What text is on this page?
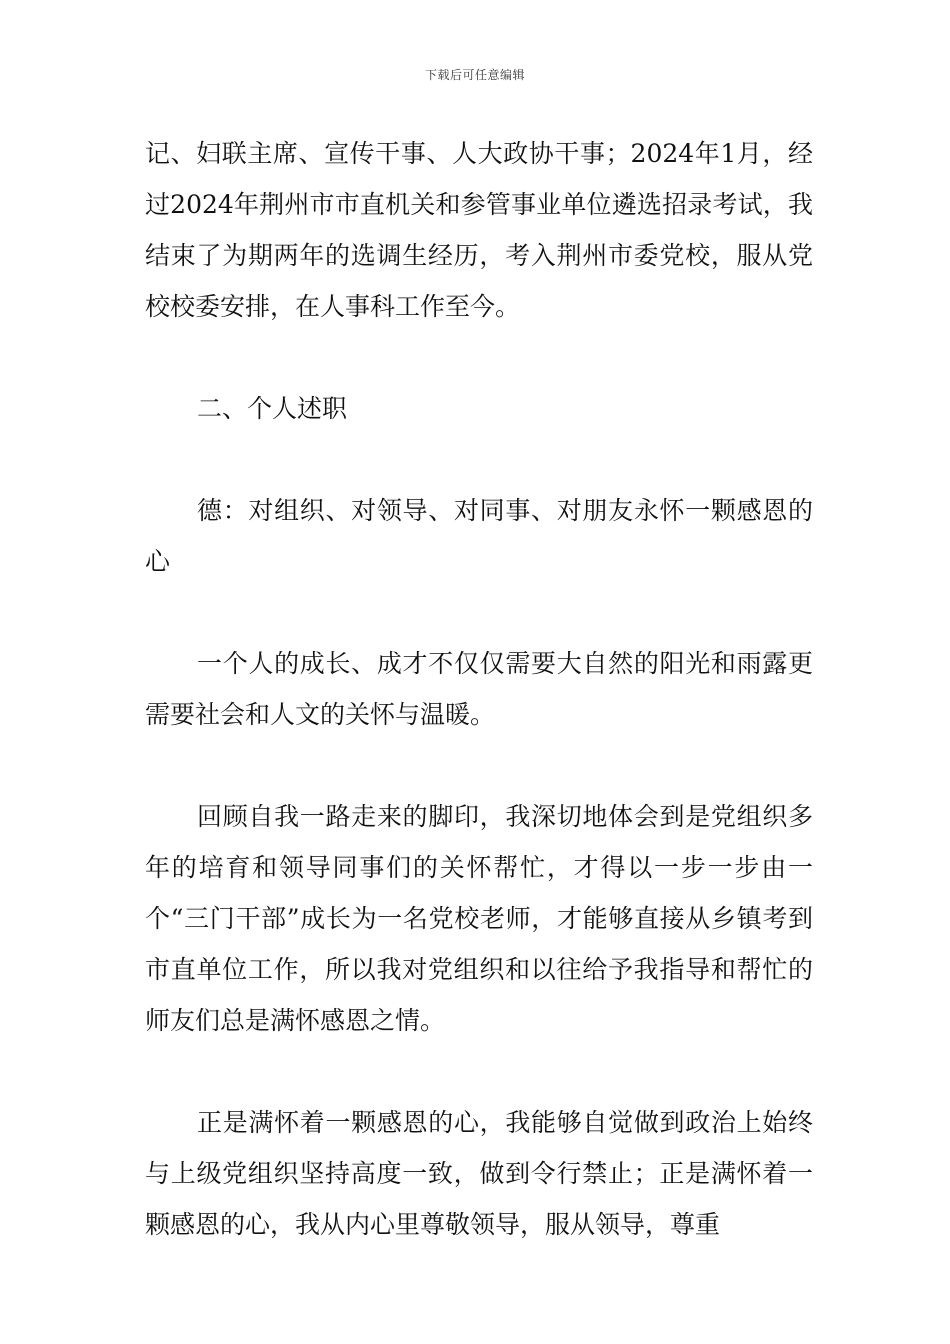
下载后可任意编辑

记、妇联主席、宣传干事、人大政协干事；2024年1月，经过2024年荆州市市直机关和参管事业单位遴选招录考试，我结束了为期两年的选调生经历，考入荆州市委党校，服从党校校委安排，在人事科工作至今。

二、个人述职

德：对组织、对领导、对同事、对朋友永怀一颗感恩的心

一个人的成长、成才不仅仅需要大自然的阳光和雨露更需要社会和人文的关怀与温暖。

回顾自我一路走来的脚印，我深切地体会到是党组织多年的培育和领导同事们的关怀帮忙，才得以一步一步由一个“三门干部”成长为一名党校老师，才能够直接从乡镇考到市直单位工作，所以我对党组织和以往给予我指导和帮忙的师友们总是满怀感恩之情。

正是满怀着一颗感恩的心，我能够自觉做到政治上始终与上级党组织坚持高度一致，做到令行禁止；正是满怀着一颗感恩的心，我从内心里尊敬领导，服从领导，尊重
